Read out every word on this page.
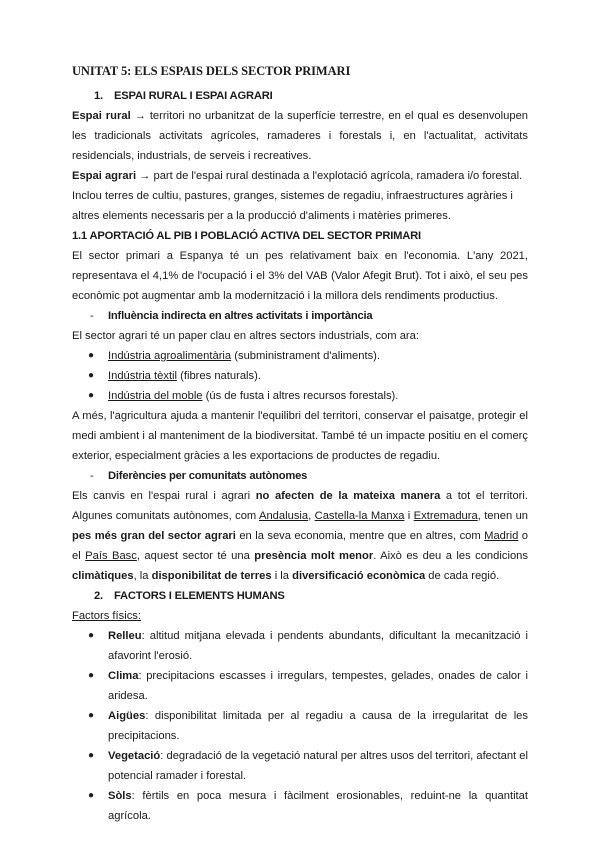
UNITAT 5: ELS ESPAIS DELS SECTOR PRIMARI
1. ESPAI RURAL I ESPAI AGRARI

Espai rural → territori no urbanitzat de la superfície terrestre, en el qual es desenvolupen les tradicionals activitats agrícoles, ramaderes i forestals i, en l'actualitat, activitats residencials, industrials, de serveis i recreatives.

Espai agrari → part de l'espai rural destinada a l'explotació agrícola, ramadera i/o forestal.

Inclou terres de cultiu, pastures, granges, sistemes de regadiu, infraestructures agràries i altres elements necessaris per a la producció d'aliments i matèries primeres.

1.1 APORTACIÓ AL PIB I POBLACIÓ ACTIVA DEL SECTOR PRIMARI

El sector primari a Espanya té un pes relativament baix en l'economia. L'any 2021, representava el 4,1% de l'ocupació i el 3% del VAB (Valor Afegit Brut). Tot i això, el seu pes econòmic pot augmentar amb la modernització i la millora dels rendiments productius.

-	Influència indirecta en altres activitats i importància

El sector agrari té un paper clau en altres sectors industrials, com ara:

●	Indústria agroalimentària (subministrament d'aliments).
●	Indústria tèxtil (fibres naturals).
●	Indústria del moble (ús de fusta i altres recursos forestals).

A més, l'agricultura ajuda a mantenir l'equilibri del territori, conservar el paisatge, protegir el medi ambient i al manteniment de la biodiversitat. També té un impacte positiu en el comerç exterior, especialment gràcies a les exportacions de productes de regadiu.

-	Diferències per comunitats autònomes

Els canvis en l'espai rural i agrari no afecten de la mateixa manera a tot el territori. Algunes comunitats autònomes, com Andalusia, Castella-la Manxa i Extremadura, tenen un pes més gran del sector agrari en la seva economia, mentre que en altres, com Madrid o el País Basc, aquest sector té una presència molt menor. Això es deu a les condicions climàtiques, la disponibilitat de terres i la diversificació econòmica de cada regió.

2. FACTORS I ELEMENTS HUMANS

Factors físics:

●	Relleu: altitud mitjana elevada i pendents abundants, dificultant la mecanització i afavorint l'erosió.
●	Clima: precipitacions escasses i irregulars, tempestes, gelades, onades de calor i aridesa.
●	Aigües: disponibilitat limitada per al regadiu a causa de la irregularitat de les precipitacions.
●	Vegetació: degradació de la vegetació natural per altres usos del territori, afectant el potencial ramader i forestal.
●	Sòls: fèrtils en poca mesura i fàcilment erosionables, reduint-ne la quantitat agrícola.
